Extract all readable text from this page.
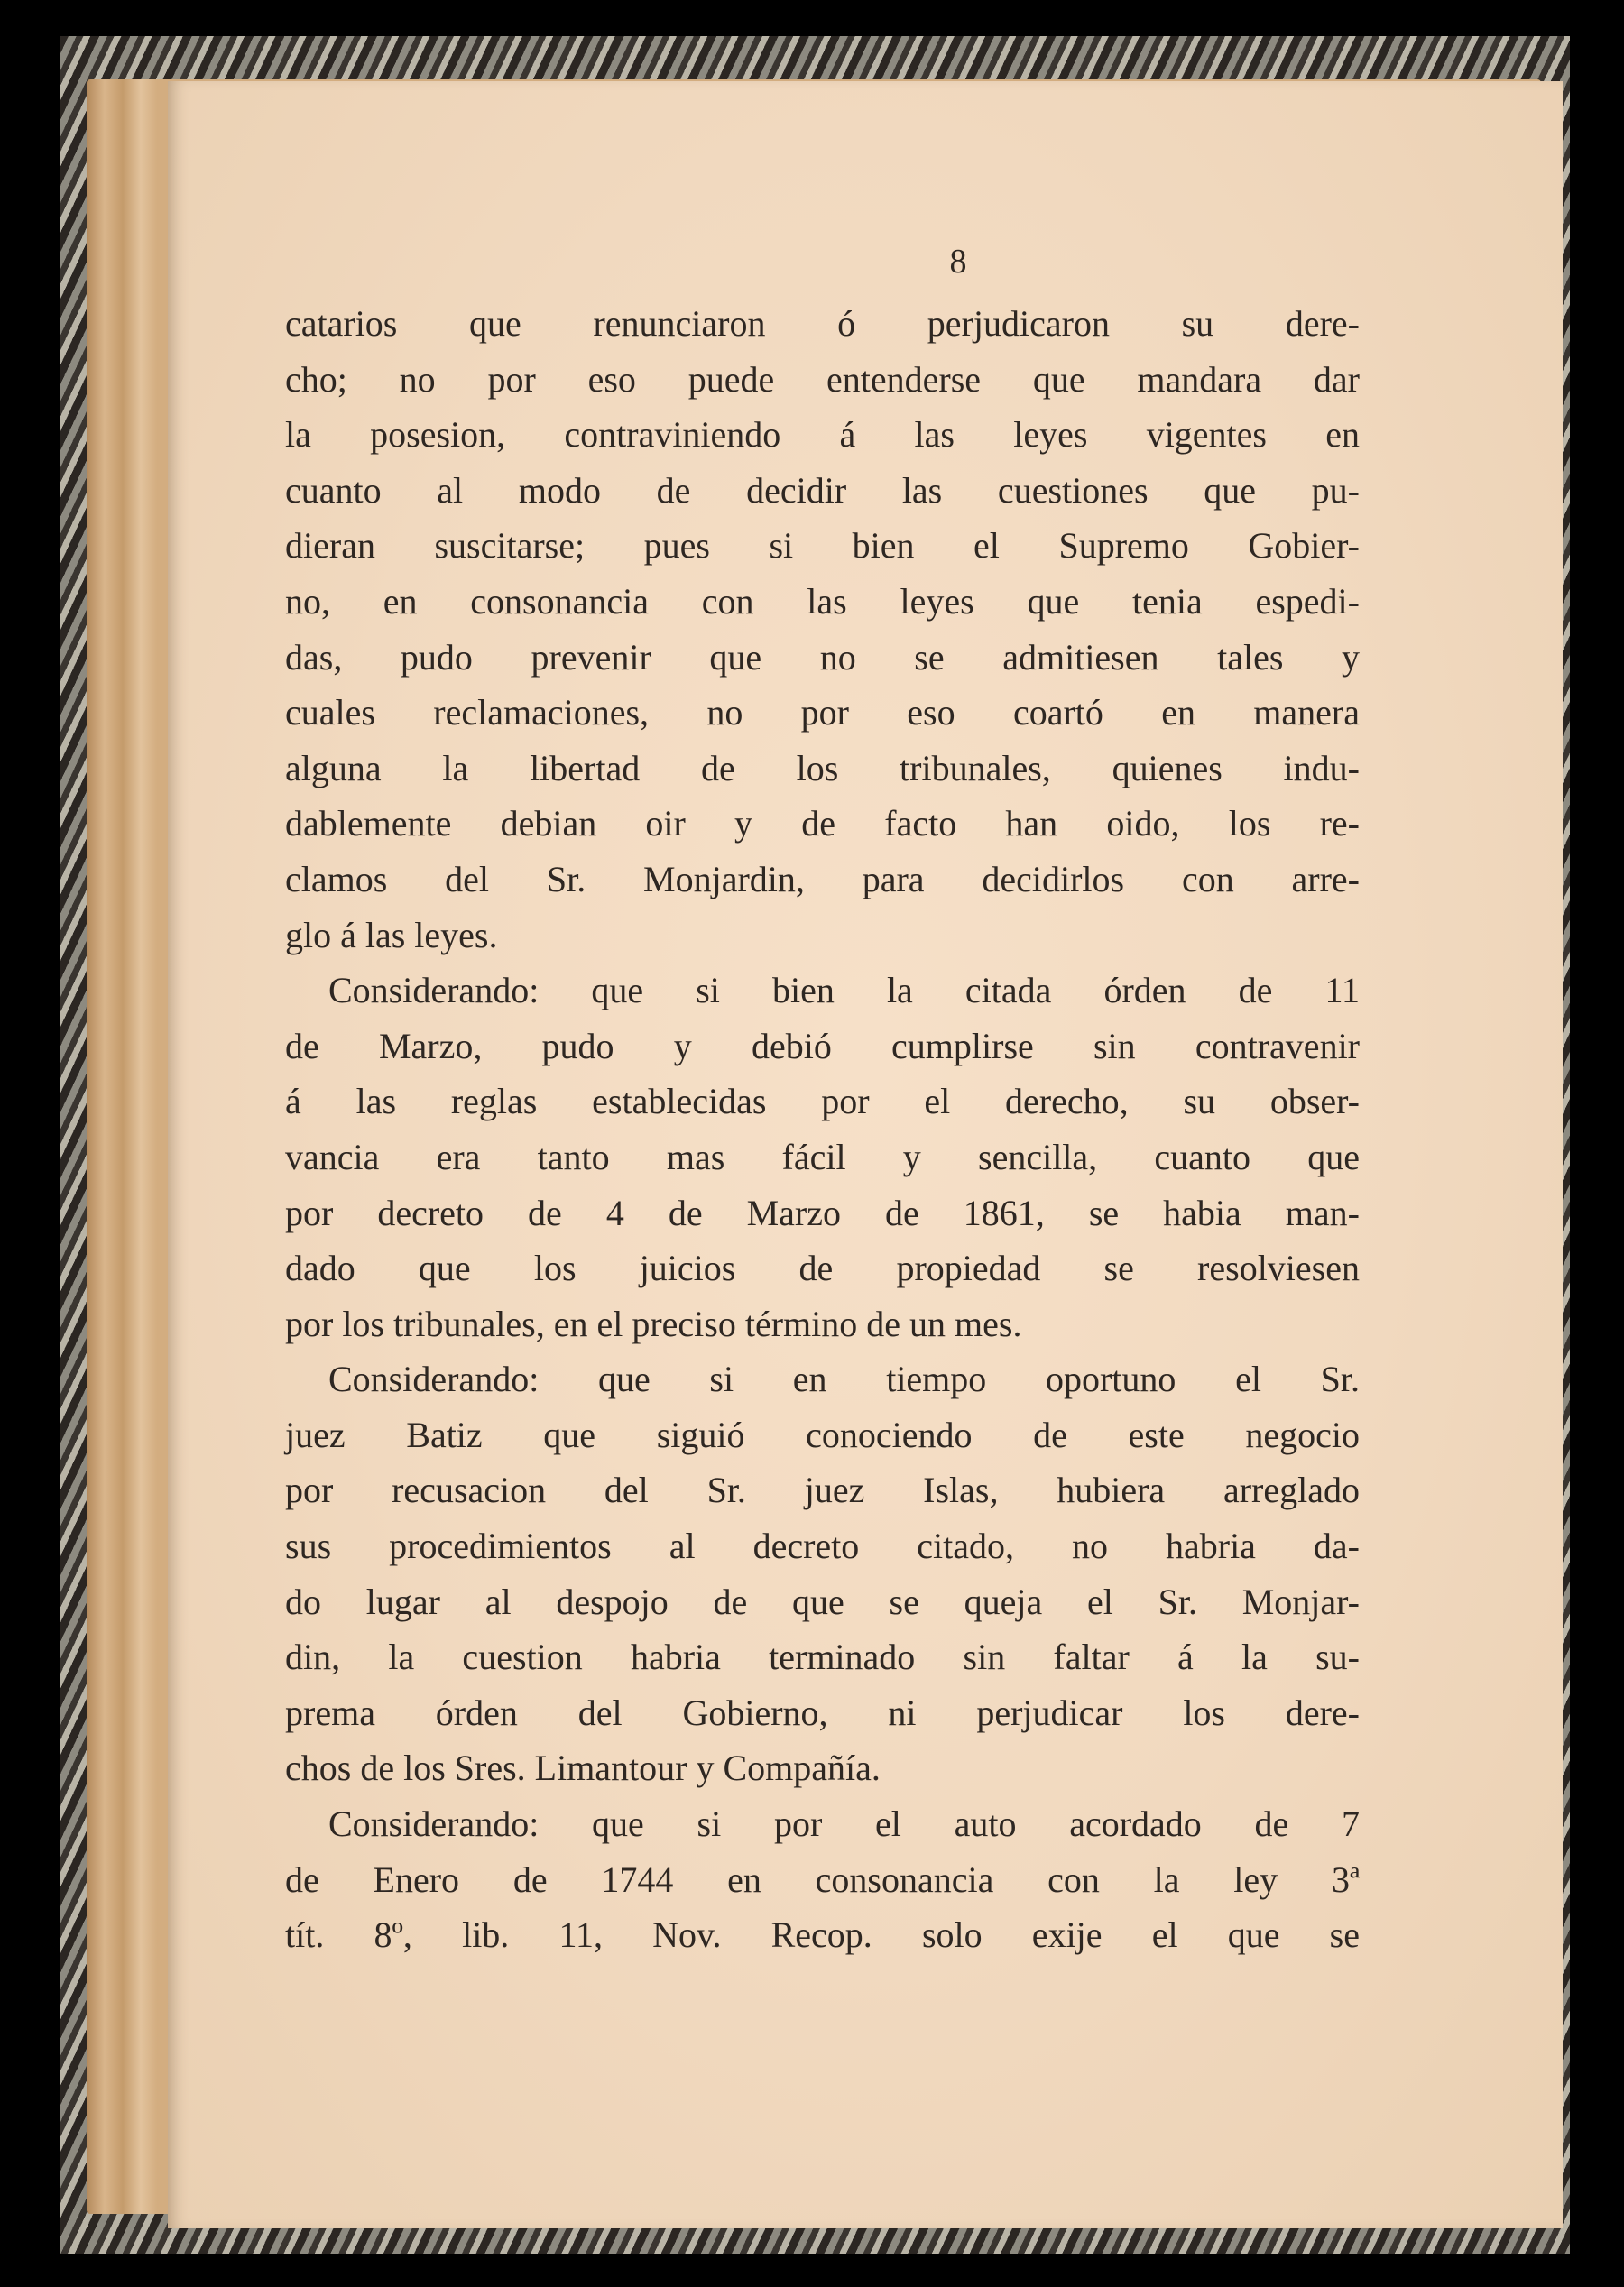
8
catarios que renunciaron ó perjudicaron su dere-
cho; no por eso puede entenderse que mandara dar
la posesion, contraviniendo á las leyes vigentes en
cuanto al modo de decidir las cuestiones que pu-
dieran suscitarse; pues si bien el Supremo Gobier-
no, en consonancia con las leyes que tenia espedi-
das, pudo prevenir que no se admitiesen tales y
cuales reclamaciones, no por eso coartó en manera
alguna la libertad de los tribunales, quienes indu-
dablemente debian oir y de facto han oido, los re-
clamos del Sr. Monjardin, para decidirlos con arre-
glo á las leyes.
Considerando: que si bien la citada órden de 11
de Marzo, pudo y debió cumplirse sin contravenir
á las reglas establecidas por el derecho, su obser-
vancia era tanto mas fácil y sencilla, cuanto que
por decreto de 4 de Marzo de 1861, se habia man-
dado que los juicios de propiedad se resolviesen
por los tribunales, en el preciso término de un mes.
Considerando: que si en tiempo oportuno el Sr.
juez Batiz que siguió conociendo de este negocio
por recusacion del Sr. juez Islas, hubiera arreglado
sus procedimientos al decreto citado, no habria da-
do lugar al despojo de que se queja el Sr. Monjar-
din, la cuestion habria terminado sin faltar á la su-
prema órden del Gobierno, ni perjudicar los dere-
chos de los Sres. Limantour y Compañía.
Considerando: que si por el auto acordado de 7
de Enero de 1744 en consonancia con la ley 3ª
tít. 8º, lib. 11, Nov. Recop. solo exije el que se
